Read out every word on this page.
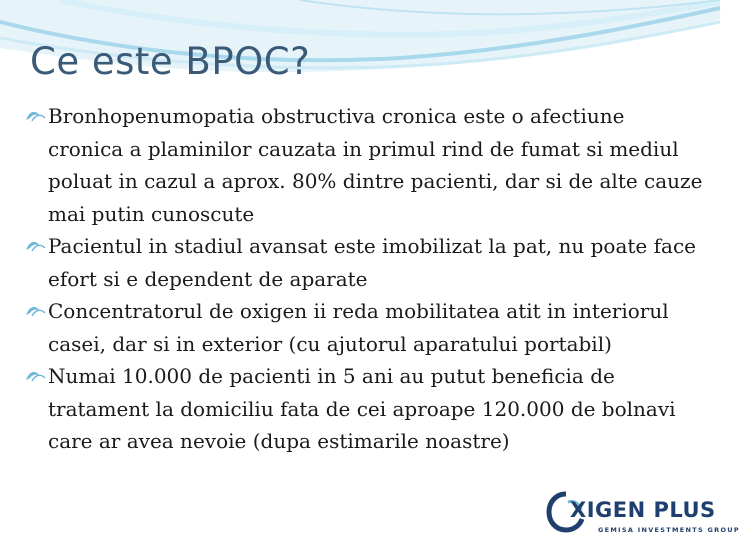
Ce este BPOC?
Bronhopenumopatia obstructiva cronica este o afectiune cronica a plaminilor cauzata in primul rind de fumat si mediul poluat in cazul a aprox. 80% dintre pacienti, dar si de alte cauze mai putin cunoscute
Pacientul in stadiul avansat este imobilizat la pat, nu poate face efort si e dependent de aparate
Concentratorul de oxigen ii reda mobilitatea atit in interiorul casei, dar si in exterior (cu ajutorul aparatului portabil)
Numai 10.000 de pacienti in 5 ani au putut beneficia de tratament la domiciliu fata de cei aproape 120.000 de bolnavi care ar avea nevoie (dupa estimarile noastre)
XIGEN PLUS
GEMISA INVESTMENTS GROUP
